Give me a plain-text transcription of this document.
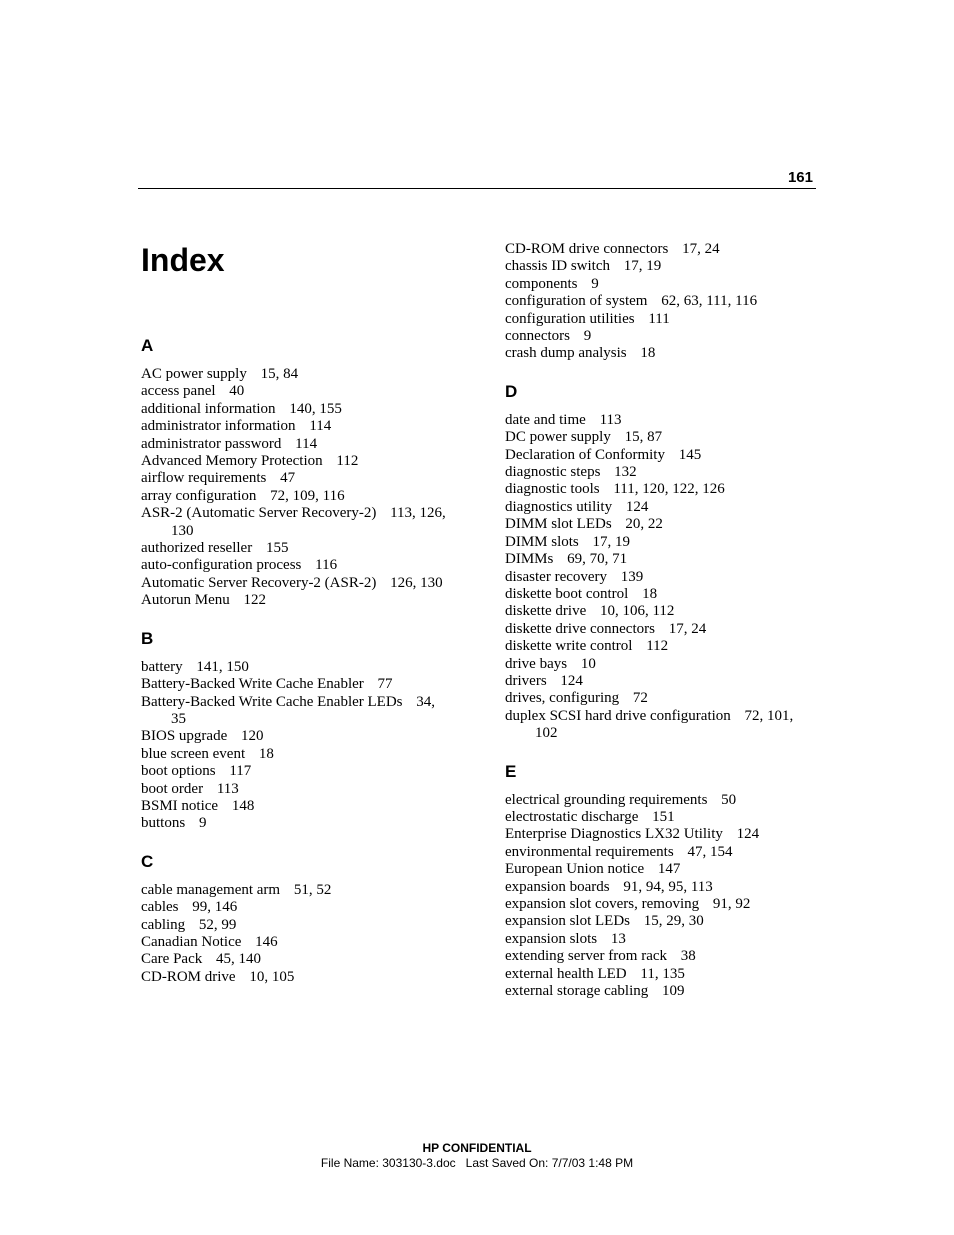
161
Index
A
AC power supply 15, 84
access panel 40
additional information 140, 155
administrator information 114
administrator password 114
Advanced Memory Protection 112
airflow requirements 47
array configuration 72, 109, 116
ASR-2 (Automatic Server Recovery-2) 113, 126, 130
authorized reseller 155
auto-configuration process 116
Automatic Server Recovery-2 (ASR-2) 126, 130
Autorun Menu 122
B
battery 141, 150
Battery-Backed Write Cache Enabler 77
Battery-Backed Write Cache Enabler LEDs 34, 35
BIOS upgrade 120
blue screen event 18
boot options 117
boot order 113
BSMI notice 148
buttons 9
C
cable management arm 51, 52
cables 99, 146
cabling 52, 99
Canadian Notice 146
Care Pack 45, 140
CD-ROM drive 10, 105
CD-ROM drive connectors 17, 24
chassis ID switch 17, 19
components 9
configuration of system 62, 63, 111, 116
configuration utilities 111
connectors 9
crash dump analysis 18
D
date and time 113
DC power supply 15, 87
Declaration of Conformity 145
diagnostic steps 132
diagnostic tools 111, 120, 122, 126
diagnostics utility 124
DIMM slot LEDs 20, 22
DIMM slots 17, 19
DIMMs 69, 70, 71
disaster recovery 139
diskette boot control 18
diskette drive 10, 106, 112
diskette drive connectors 17, 24
diskette write control 112
drive bays 10
drivers 124
drives, configuring 72
duplex SCSI hard drive configuration 72, 101, 102
E
electrical grounding requirements 50
electrostatic discharge 151
Enterprise Diagnostics LX32 Utility 124
environmental requirements 47, 154
European Union notice 147
expansion boards 91, 94, 95, 113
expansion slot covers, removing 91, 92
expansion slot LEDs 15, 29, 30
expansion slots 13
extending server from rack 38
external health LED 11, 135
external storage cabling 109
HP CONFIDENTIAL
File Name: 303130-3.doc   Last Saved On: 7/7/03 1:48 PM
